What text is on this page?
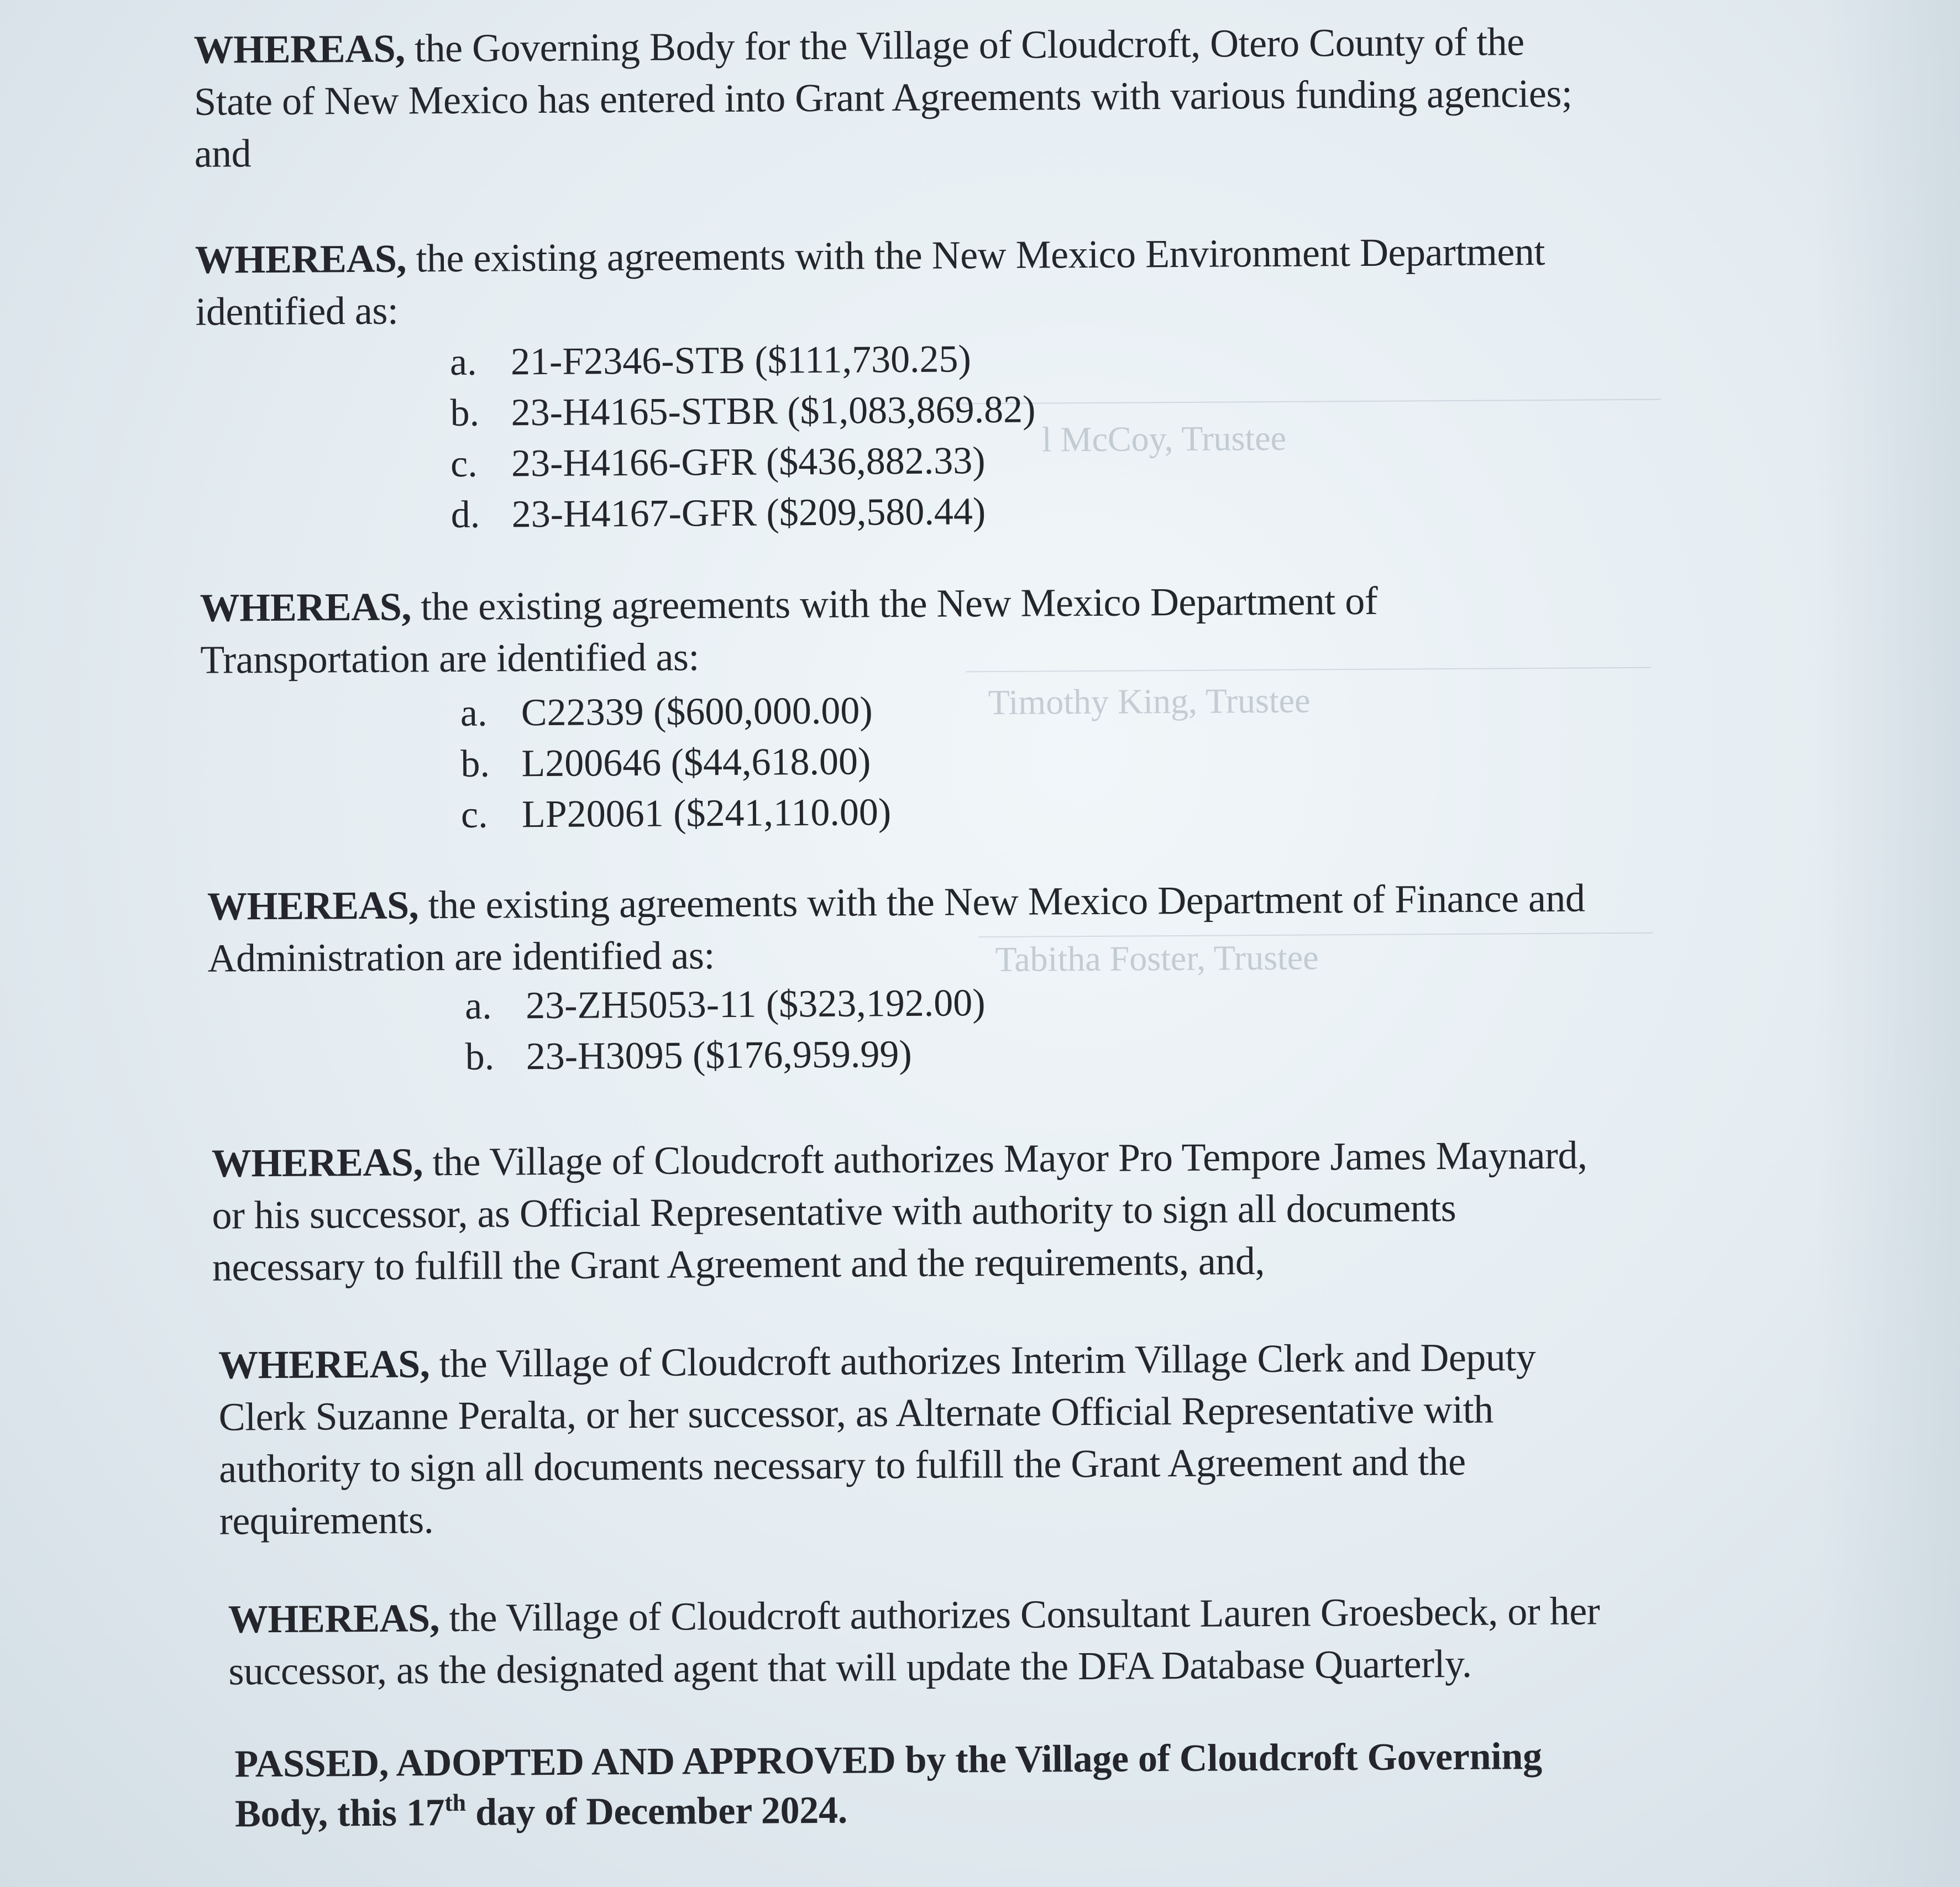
l McCoy, Trustee
Timothy King, Trustee
Tabitha Foster, Trustee
WHEREAS, the Governing Body for the Village of Cloudcroft, Otero County of the
State of New Mexico has entered into Grant Agreements with various funding agencies;
and
WHEREAS, the existing agreements with the New Mexico Environment Department
identified as:
a. 21-F2346-STB ($111,730.25)
b. 23-H4165-STBR ($1,083,869.82)
c. 23-H4166-GFR ($436,882.33)
d. 23-H4167-GFR ($209,580.44)
WHEREAS, the existing agreements with the New Mexico Department of
Transportation are identified as:
a. C22339 ($600,000.00)
b. L200646 ($44,618.00)
c. LP20061 ($241,110.00)
WHEREAS, the existing agreements with the New Mexico Department of Finance and
Administration are identified as:
a. 23-ZH5053-11 ($323,192.00)
b. 23-H3095 ($176,959.99)
WHEREAS, the Village of Cloudcroft authorizes Mayor Pro Tempore James Maynard,
or his successor, as Official Representative with authority to sign all documents
necessary to fulfill the Grant Agreement and the requirements, and,
WHEREAS, the Village of Cloudcroft authorizes Interim Village Clerk and Deputy
Clerk Suzanne Peralta, or her successor, as Alternate Official Representative with
authority to sign all documents necessary to fulfill the Grant Agreement and the
requirements.
WHEREAS, the Village of Cloudcroft authorizes Consultant Lauren Groesbeck, or her
successor, as the designated agent that will update the DFA Database Quarterly.
PASSED, ADOPTED AND APPROVED by the Village of Cloudcroft Governing
Body, this 17th day of December 2024.
